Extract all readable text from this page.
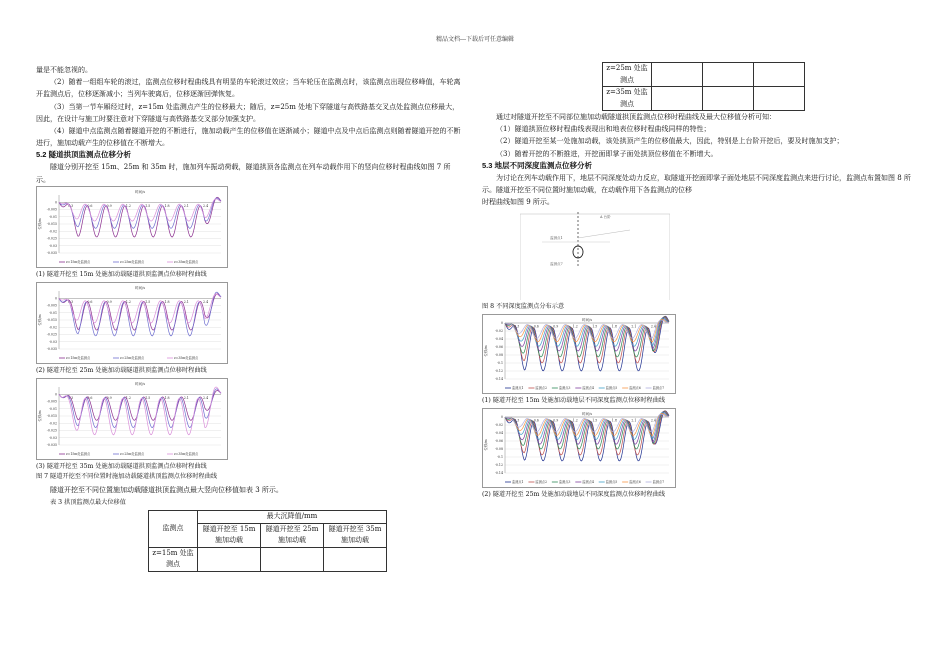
精品文档---下载后可任意编辑

量是不能忽视的。

（2）随着一组组车轮的滚过，监测点位移时程曲线具有明显的车轮滚过效应；当车轮压在监测点时，该监测点出现位移峰值，车轮离开监测点后，位移逐渐减小；当列车驶离后，位移逐渐回弹恢复。

（3）当第一节车厢经过时，z=15m 处监测点产生的位移最大；随后，z=25m 处地下穿隧道与高铁路基交叉点处监测点位移最大，因此，在设计与施工时要注意对下穿隧道与高铁路基交叉部分加强支护。

（4）隧道中点监测点随着隧道开挖的不断进行，施加动载产生的位移值在逐渐减小；隧道中点及中点后监测点则随着隧道开挖的不断进行，施加动载产生的位移值在不断增大。

5.2 隧道拱顶监测点位移分析

隧道分别开挖至 15m、25m 和 35m 时，施加列车振动荷载，隧道拱顶各监测点在列车动载作用下的竖向位移时程曲线如图 7 所示。

时间/s
位移/m
0
-0.005
-0.01
-0.015
-0.02
-0.025
-0.03
-0.035
0.3	0.6	0.9	1.2	1.5	1.8	2.1	2.4
z=15m处监测点	z=25m处监测点	z=35m处监测点

(1) 隧道开挖至 15m 处施加动载隧道拱顶监测点位移时程曲线

时间/s
位移/m
0
-0.005
-0.01
-0.015
-0.02
-0.025
-0.03
-0.035
0.3	0.6	0.9	1.2	1.5	1.8	2.1	2.4
z=15m处监测点	z=25m处监测点	z=35m处监测点

(2) 隧道开挖至 25m 处施加动载隧道拱顶监测点位移时程曲线

时间/s
位移/m
0
-0.005
-0.01
-0.015
-0.02
-0.025
-0.03
-0.035
0.3	0.6	0.9	1.2	1.5	1.8	2.1	2.4
z=15m处监测点	z=25m处监测点	z=35m处监测点

(3) 隧道开挖至 35m 处施加动载隧道拱顶监测点位移时程曲线

图 7 隧道开挖至不同位置时施加动载隧道拱顶监测点位移时程曲线

隧道开挖至不同位置施加动载隧道拱顶监测点最大竖向位移值如表 3 所示。

表 3 拱顶监测点最大位移值

监测点	最大沉降值/mm		
	隧道开挖至 15m 施加动载	隧道开挖至 25m 施加动载	隧道开挖至 35m 施加动载
z=15m 处监测点			
z=25m 处监测点			
z=35m 处监测点			

通过对隧道开挖至不同部位施加动载隧道拱顶监测点位移时程曲线及最大位移值分析可知：

（1）隧道拱顶位移时程曲线表现出和地表位移时程曲线同样的特性；

（2）隧道开挖至某一处施加动载，该处拱顶产生的位移值最大，因此，特别是上台阶开挖后，要及时施加支护；

（3）随着开挖的不断推进，开挖面即掌子面处拱顶位移值在不断增大。

5.3 地层不同深度监测点位移分析

为讨论在列车动载作用下，地层不同深度处动力反应，取隧道开挖面即掌子面处地层不同深度监测点来进行讨论，监测点布置如图 8 所示。隧道开挖至不同位置时施加动载，在动载作用下各监测点的位移

时程曲线如图 9 所示。

A 台阶
监测点1
监测点7

图 8 不同深度监测点分布示意

时间/s
位移/m
0
-0.02
-0.04
-0.06
-0.08
-0.1
-0.12
-0.14
0.3	0.6	0.9	1.2	1.5	1.8	2.1	2.4
监测点1	监测点2	监测点3	监测点4	监测点5	监测点6	监测点7

(1) 隧道开挖至 15m 处施加动载地层不同深度监测点位移时程曲线

时间/s
位移/m
0
-0.02
-0.04
-0.06
-0.08
-0.1
-0.12
-0.14
0.3	0.6	0.9	1.2	1.5	1.8	2.1	2.4
监测点1	监测点2	监测点3	监测点4	监测点5	监测点6	监测点7

(2) 隧道开挖至 25m 处施加动载地层不同深度监测点位移时程曲线
